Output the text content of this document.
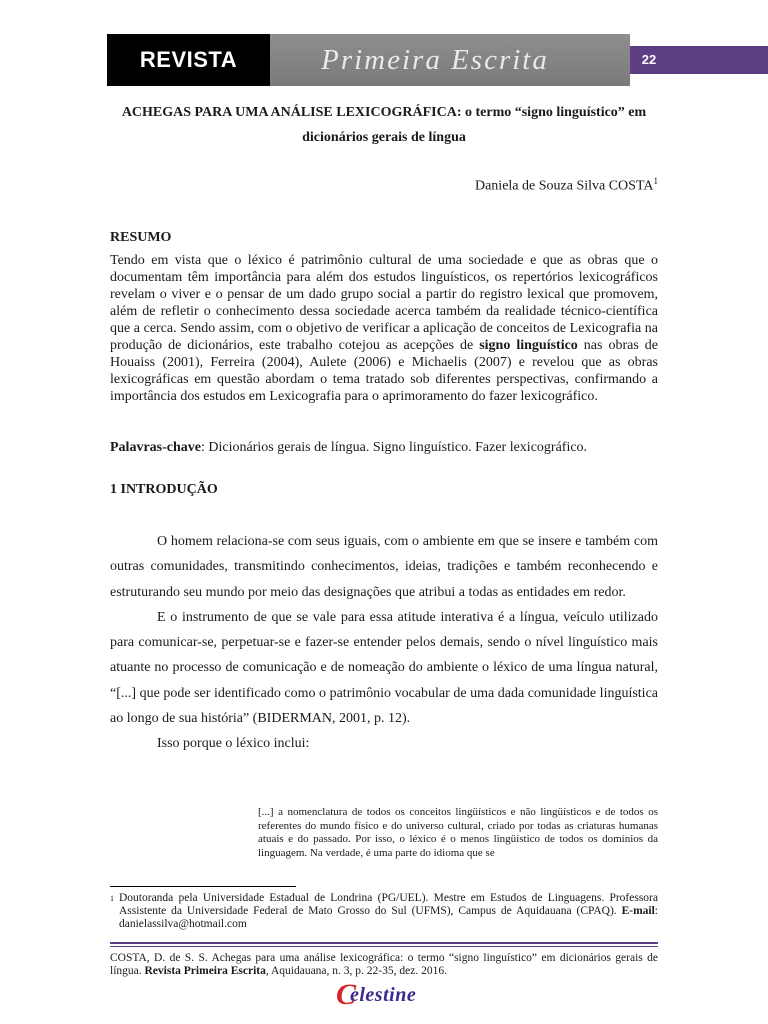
REVISTA	Primeira Escrita	22
ACHEGAS PARA UMA ANÁLISE LEXICOGRÁFICA: o termo “signo linguístico” em dicionários gerais de língua
Daniela de Souza Silva COSTA$^1$
RESUMO
Tendo em vista que o léxico é patrimônio cultural de uma sociedade e que as obras que o documentam têm importância para além dos estudos linguísticos, os repertórios lexicográficos revelam o viver e o pensar de um dado grupo social a partir do registro lexical que promovem, além de refletir o conhecimento dessa sociedade acerca também da realidade técnico-científica que a cerca. Sendo assim, com o objetivo de verificar a aplicação de conceitos de Lexicografia na produção de dicionários, este trabalho cotejou as acepções de signo linguístico nas obras de Houaiss (2001), Ferreira (2004), Aulete (2006) e Michaelis (2007) e revelou que as obras lexicográficas em questão abordam o tema tratado sob diferentes perspectivas, confirmando a importância dos estudos em Lexicografia para o aprimoramento do fazer lexicográfico.
Palavras-chave: Dicionários gerais de língua. Signo linguístico. Fazer lexicográfico.
1 INTRODUÇÃO

O homem relaciona-se com seus iguais, com o ambiente em que se insere e também com outras comunidades, transmitindo conhecimentos, ideias, tradições e também reconhecendo e estruturando seu mundo por meio das designações que atribui a todas as entidades em redor.

E o instrumento de que se vale para essa atitude interativa é a língua, veículo utilizado para comunicar-se, perpetuar-se e fazer-se entender pelos demais, sendo o nível linguístico mais atuante no processo de comunicação e de nomeação do ambiente o léxico de uma língua natural, “[...] que pode ser identificado como o patrimônio vocabular de uma dada comunidade linguística ao longo de sua história” (BIDERMAN, 2001, p. 12).

Isso porque o léxico inclui:

[...] a nomenclatura de todos os conceitos lingüísticos e não lingüísticos e de todos os referentes do mundo físico e do universo cultural, criado por todas as criaturas humanas atuais e do passado. Por isso, o léxico é o menos lingüístico de todos os domínios da linguagem. Na verdade, é uma parte do idioma que se
1 Doutoranda pela Universidade Estadual de Londrina (PG/UEL). Mestre em Estudos de Linguagens. Professora Assistente da Universidade Federal de Mato Grosso do Sul (UFMS), Campus de Aquidauana (CPAQ). E-mail: danielassilva@hotmail.com
COSTA, D. de S. S. Achegas para uma análise lexicográfica: o termo “signo linguístico” em dicionários gerais de língua. Revista Primeira Escrita, Aquidauana, n. 3, p. 22-35, dez. 2016.
C
elestine
